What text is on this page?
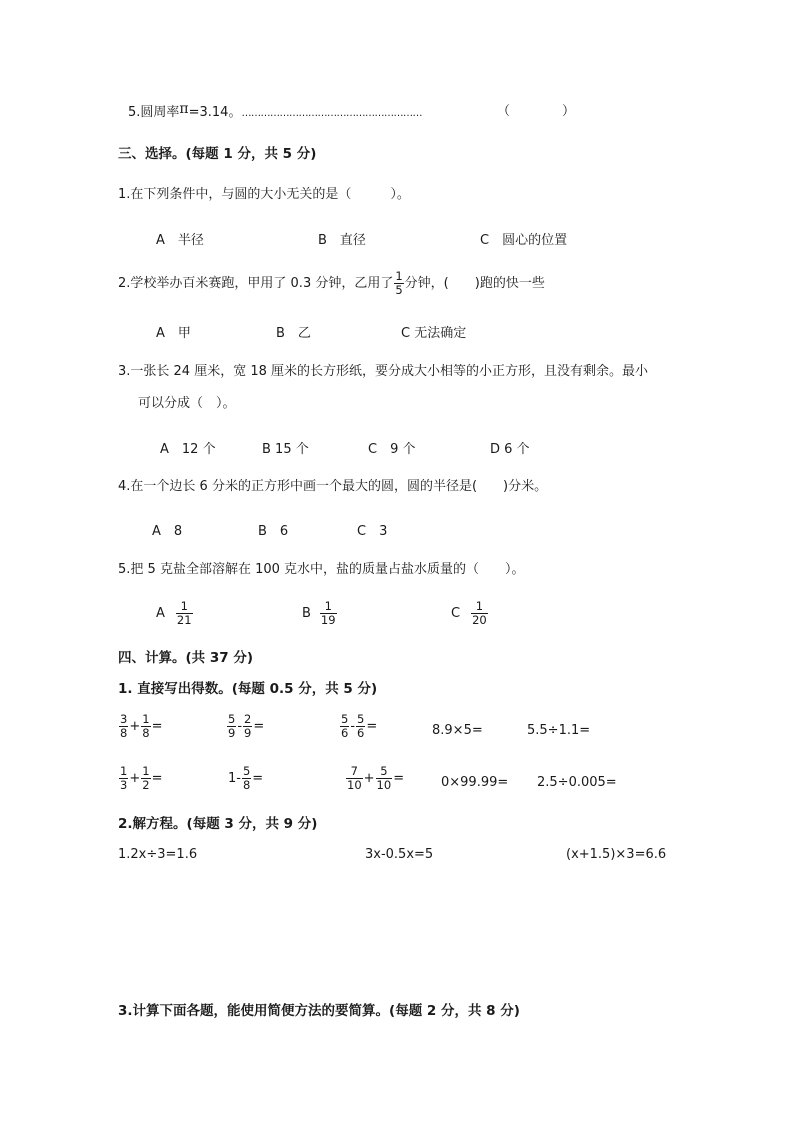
5.圆周率π=3.14。…………………………………………………	（　　　　）
三、选择。(每题 1 分，共 5 分)
1.在下列条件中，与圆的大小无关的是（　　　）。
A　半径	B　直径	C　圆心的位置
2.学校举办百米赛跑，甲用了 0.3 分钟，乙用了 $\frac{1}{5}$ 分钟，(　　)跑的快一些
A　甲	B　乙	C 无法确定
3.一张长 24 厘米，宽 18 厘米的长方形纸，要分成大小相等的小正方形，且没有剩余。最小
可以分成（　）。
A　12 个	B 15 个	C　9 个	D 6 个
4.在一个边长 6 分米的正方形中画一个最大的圆，圆的半径是(　　)分米。
A　8	B　6	C　3
5.把 5 克盐全部溶解在 100 克水中，盐的质量占盐水质量的（　　）。
A $\frac{1}{21}$	B $\frac{1}{19}$	C $\frac{1}{20}$
四、计算。(共 37 分)
1. 直接写出得数。(每题 0.5 分，共 5 分)
$\frac{3}{8} + \frac{1}{8}$ =	$\frac{5}{9} - \frac{2}{9}$ =	$\frac{5}{6} - \frac{5}{6}$ =	8.9×5=	5.5÷1.1=
$\frac{1}{3} + \frac{1}{2}$ =	$1- \frac{5}{8}$ =	$\frac{7}{10} + \frac{5}{10}$ =	0×99.99= 2.5÷0.005=
2.解方程。(每题 3 分，共 9 分)
1.2x÷3=1.6	3x-0.5x=5	(x+1.5)×3=6.6
3.计算下面各题，能使用简便方法的要简算。(每题 2 分，共 8 分)
